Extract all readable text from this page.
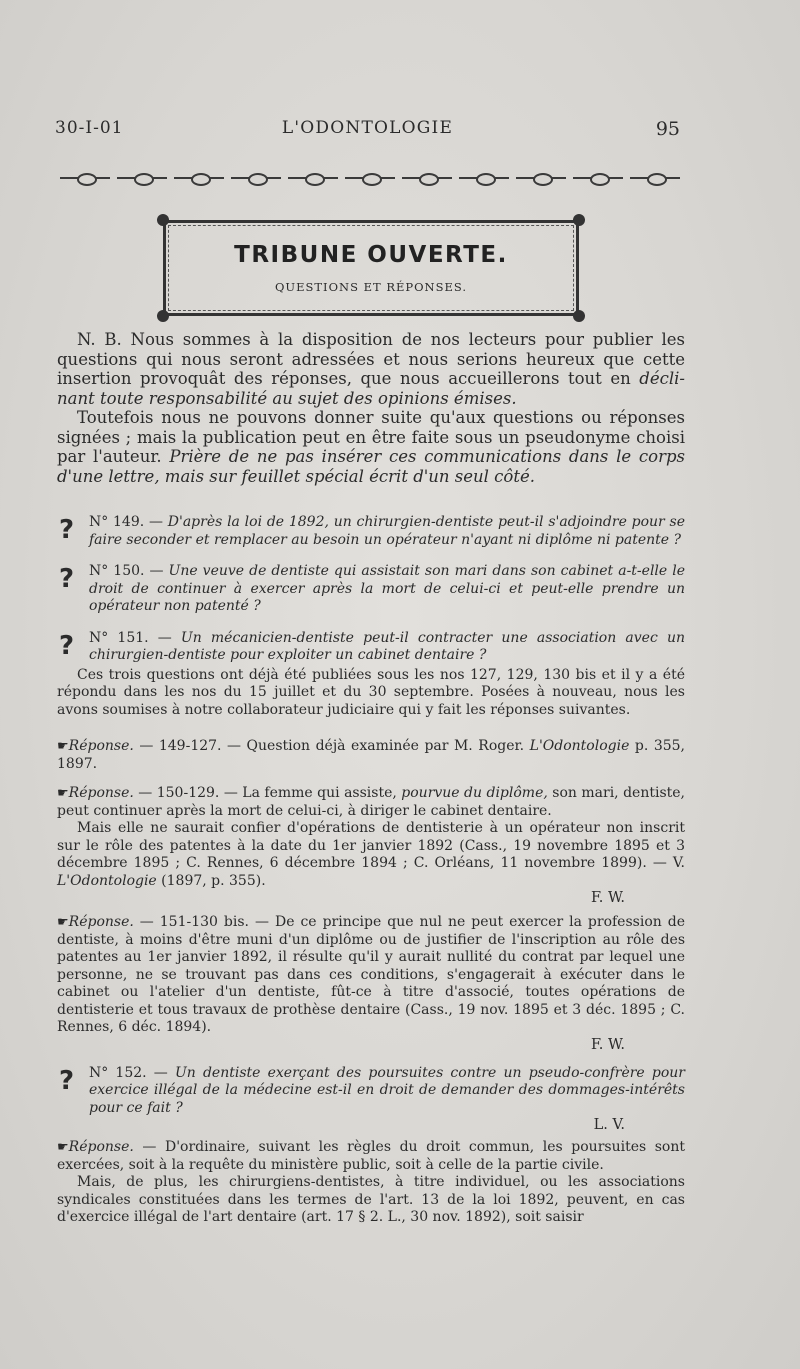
30-I-01	L'ODONTOLOGIE	95
TRIBUNE OUVERTE.
QUESTIONS ET RÉPONSES.

N. B. Nous sommes à la disposition de nos lecteurs pour publier les questions qui nous seront adressées et nous serions heureux que cette insertion provoquât des réponses, que nous accueillerons tout en déclinant toute responsabilité au sujet des opinions émises.

Toutefois nous ne pouvons donner suite qu'aux questions ou réponses signées ; mais la publication peut en être faite sous un pseudonyme choisi par l'auteur. Prière de ne pas insérer ces communications dans le corps d'une lettre, mais sur feuillet spécial écrit d'un seul côté.

? N° 149. — D'après la loi de 1892, un chirurgien-dentiste peut-il s'adjoindre pour se faire seconder et remplacer au besoin un opérateur n'ayant ni diplôme ni patente ?
? N° 150. — Une veuve de dentiste qui assistait son mari dans son cabinet a-t-elle le droit de continuer à exercer après la mort de celui-ci et peut-elle prendre un opérateur non patenté ?
? N° 151. — Un mécanicien-dentiste peut-il contracter une association avec un chirurgien-dentiste pour exploiter un cabinet dentaire ?

Ces trois questions ont déjà été publiées sous les nos 127, 129, 130 bis et il y a été répondu dans les nos du 15 juillet et du 30 septembre. Posées à nouveau, nous les avons soumises à notre collaborateur judiciaire qui y fait les réponses suivantes.

☛Réponse. — 149-127. — Question déjà examinée par M. Roger. L'Odontologie p. 355, 1897.

☛Réponse. — 150-129. — La femme qui assiste, pourvue du diplôme, son mari, dentiste, peut continuer après la mort de celui-ci, à diriger le cabinet dentaire.

Mais elle ne saurait confier d'opérations de dentisterie à un opérateur non inscrit sur le rôle des patentes à la date du 1er janvier 1892 (Cass., 19 novembre 1895 et 3 décembre 1895 ; C. Rennes, 6 décembre 1894 ; C. Orléans, 11 novembre 1899). — V. L'Odontologie (1897, p. 355).

F. W.

☛Réponse. — 151-130 bis. — De ce principe que nul ne peut exercer la profession de dentiste, à moins d'être muni d'un diplôme ou de justifier de l'inscription au rôle des patentes au 1er janvier 1892, il résulte qu'il y aurait nullité du contrat par lequel une personne, ne se trouvant pas dans ces conditions, s'engagerait à exécuter dans le cabinet ou l'atelier d'un dentiste, fût-ce à titre d'associé, toutes opérations de dentisterie et tous travaux de prothèse dentaire (Cass., 19 nov. 1895 et 3 déc. 1895 ; C. Rennes, 6 déc. 1894).

F. W.
? N° 152. — Un dentiste exerçant des poursuites contre un pseudo-confrère pour exercice illégal de la médecine est-il en droit de demander des dommages-intérêts pour ce fait ?
L. V.

☛Réponse. — D'ordinaire, suivant les règles du droit commun, les poursuites sont exercées, soit à la requête du ministère public, soit à celle de la partie civile.

Mais, de plus, les chirurgiens-dentistes, à titre individuel, ou les associations syndicales constituées dans les termes de l'art. 13 de la loi 1892, peuvent, en cas d'exercice illégal de l'art dentaire (art. 17 § 2. L., 30 nov. 1892), soit saisir
